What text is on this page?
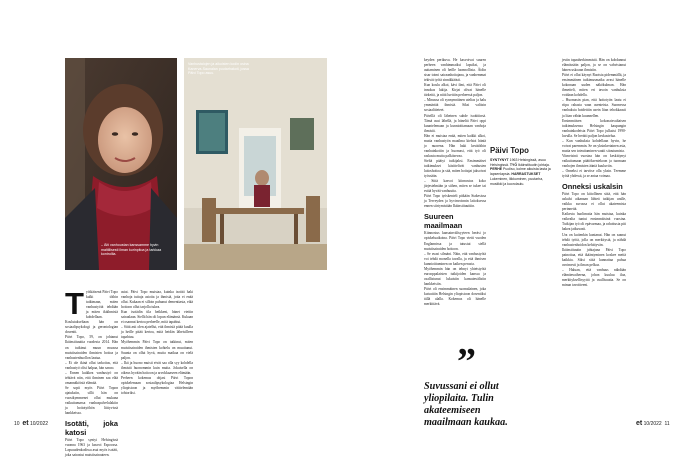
– Äiti vanhoustan kanssamme hyvin maltillisesti ilman kurinpitoa ja tarkkaa kontrollia.
Vanhustalojen ja aikuisten kodin osina Kanerva-Saunalan puutarhakoti, jossa Päivi Topo asuu.

Työikäisenä Päivi Topo kulki töihin tutkimaan, miten vanhustyötä tehdään ja miten ikäihmisiä kohdellaan. Koulutukseltaan hän on sosiaalipsykologi ja gerontologian dosentti.

Päivi Topo, 59, on johtanut Ikäinstituuttia vuodesta 2014. Hän on tutkinut muun muassa muistisairaiden ihmisten hoitoa ja vanhustenhuollon laatua.

– Ei ole ikinä ollut tarkoitus, että vanhustyö olisi halpaa, hän sanoo.

– Ennen kaikkea vanhustyö on tehtävä niin, että ihminen saa elää omannäköistä elämää.

Se sopii myös Päivi Topon ajatuksiin, sillä hän on vuosikymmenet ollut mukana vaikuttamassa vanhuspalvelulakiin ja hoitotyöhön liittyvissä hankkeissa.

Isotäti, joka katosi

Päivi Topo syntyi Helsingissä vuonna 1963 ja kasvoi Espoossa. Lapsuudenkodissa asui myös isotäti, joka sairastui muistisairauteen.

asiat. Päivi Topo muistaa, kuinka isotäti haki vanhoja tuttuja asioita ja ihmisiä, joita ei enää ollut. Kukaan ei silloin puhunut dementiasta, eikä hoitoon ollut tarjolla tukea.

Kun isotädin tila heikkeni, hänet vietiin sairaalaan. Siellä hän oli lopun elämänsä. Kukaan ei osannut kertoa perheelle, mitä tapahtui.

– Siitä asti olen ajatellut, että ihmisiä pitää kuulla ja heille pitää kertoa, mitä heidän läheisilleen tapahtuu.

Myöhemmin Päivi Topo on tutkinut, miten muistisairaiden ihmisten kohtelu on muuttunut. Suunta on ollut hyvä, mutta matkaa on vielä paljon.

– Ikä ja huono muisti eivät saa olla syy kohdella ihmistä huonommin kuin muita. Jokaisella on oikeus hyvään hoitoon ja arvokkaaseen elämään.

Perheen kokemus ohjasi Päivi Topon opiskelemaan sosiaalipsykologiaa Helsingin yliopistoon ja myöhemmin väittelemään tohtoriksi.

keyden perikuva. He kasvoivat suuren perheen vanhimmaiksi lapsiksi, ja auttaminen oli heille luonnollista. Äidin sisar toimi sairaanhoitajana, ja vanhemmat tekivät työtä sinnikkäästi.

Kun koulu alkoi, kävi ilmi, että Päivi oli innokas lukija. Kirjat olivat hänelle tärkeitä, ja niitä luettiin perheessä paljon.

– Minussa oli synnynnäinen utelias ja halu ymmärtää ihmisiä. Siksi valitsin sosiaalitieteet.

Päivillä oli läheinen suhde isoäitiinsä. Tämä asui lähellä, ja häneltä Päivi oppi kuuntelemaan ja kunnioittamaan vanhoja ihmisiä.

Hän ei muistaa enää, miten kaikki alkoi, mutta vanhustyön maailma kiehtoi häntä jo nuorena. Hän haki kesätöihin vanhainkotiin ja huomasi, että työ oli raskasta mutta palkitsevaa.

Sieltä päätyi tutkijaksi. Ensimmäiset tutkimukset käsittelivät vanhusten laitoshoitoa ja sitä, miten hoitajat jaksoivat työssään.

– Siitä kasvoi kiinnostus koko järjestelmään ja siihen, miten se tukee tai estää hyvää vanhuutta.

Päivi Topo työskenteli pitkään Stakesissa ja Terveyden ja hyvinvoinnin laitoksessa ennen siirtymistään Ikäinstituuttiin.

Suureen maailmaan

Kiinnostus kansainvälisyyteen heräsi jo opiskeluaikoina. Päivi Topo vietti vuoden Englannissa ja tutustui siellä muistisairaiden hoitoon.

– Se avasi silmäni. Näin, että vanhustyötä voi tehdä monella tavalla, ja että ihmisen kunnioittaminen on kaiken perusta.

Myöhemmin hän on tehnyt yhteistyötä eurooppalaisten tutkijoiden kanssa ja osallistunut lukuisiin kansainvälisiin hankkeisiin.

Päivi oli ensimmäinen suomalainen, joka kutsuttiin Helsingin yliopistoon dosentiksi tällä alalla. Kokemus oli hänelle merkittävä.

Päivi Topo
SYNTYNYT 1963 Helsingissä, asuu Helsingissä. TYÖ Ikäinstituutin johtaja. PERHE Puoliso, kolme aikuista lasta ja lapsenlapsia. HARRASTUKSET Lukeminen, liikkuminen, puutarha, musiikki ja kuorolaulu.
”
Suvussani ei ollut yliopilaita. Tulin akateemiseen maailmaan kaukaa.

jestin tapaaherkimmistä. Hän on kohdannut elämässään paljon, ja se on vahvistanut hänen uskoaan ihmisiin.

Päivi ei ollut käynyt Ruotsia pidemmällä, ja ensimmäinen tutkimusmatka avasi hänelle kokonaan uuden näkökulman. Hän ihmetteli, miten eri tavoin vanhuksia voidaan kohdella.

– Huomasin pian, että hoitotyön laatu ei riipu rahasta vaan asenteista. Suomessa vanhuksia hoidettiin usein liian tehokkaasti ja liian vähän kuunnellen.

Ensimmäisen kokonaisvaltaisen tutkimuksensa Helsingin kaupungin vanhainkodeista Päivi Topo julkaisi 1990-luvulla. Se herätti paljon keskustelua.

– Kun vanhuksia kohdellaan hyvin, he voivat paremmin. Se on yksinkertainen asia, mutta sen toteuttaminen vaatii sitoutumista.

Viimeisinä vuosina hän on keskittynyt vaikuttamaan päätöksentekoon ja tuomaan vanhojen ihmisten ääntä kuuluviin.

– Onneksi ei tarvitse olla yksin. Teemme työtä yhdessä, ja se antaa voimaa.

Onneksi uskalsin

Päivi Topo on kiitollinen siitä, että hän uskalsi aikanaan lähteä tutkijan uralle, vaikka suvussa ei ollut akateemista perinnettä.

Kaikesta huolimatta hän muistaa, kuinka vaikealta tuntui ensimmäisinä vuosina. Tutkijan työ oli epävarmaa, ja rahoitusta piti hakea jatkuvasti.

Ura on kuitenkin kantanut. Hän on saanut tehdä työtä, jolla on merkitystä, ja nähdä vanhustenhoidon kehittyvän.

Ikäinstituutin johtajana Päivi Topo painottaa, että ikääntyminen koskee meitä kaikkia. Siksi siitä kannattaa puhua avoimesti ja ilman pelkoa.

– Haluan, että vanhuus nähdään elämänvaiheena, johon kuuluu iloa, merkityksellisyyttä ja osallisuutta. Se on minun tavoitteeni.

10 et 10/2022	et 10/2022 11
